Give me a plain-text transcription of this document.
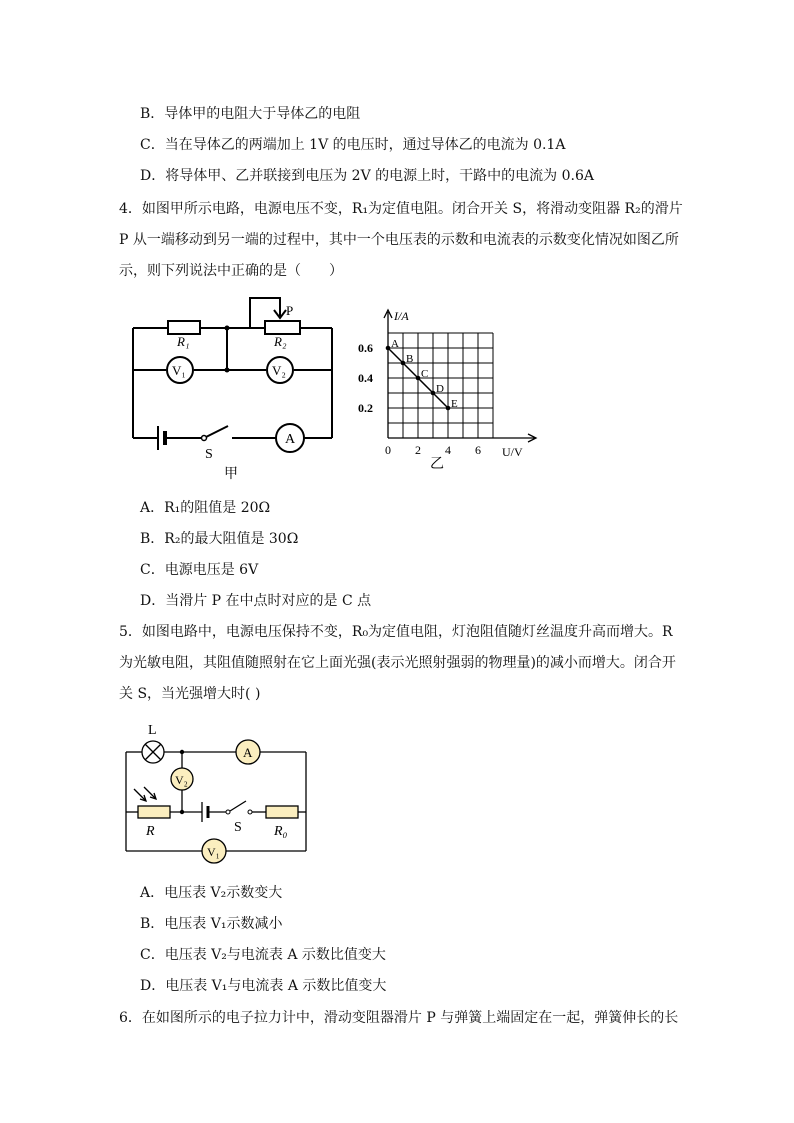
B．导体甲的电阻大于导体乙的电阻
C．当在导体乙的两端加上 1V 的电压时，通过导体乙的电流为 0.1A
D．将导体甲、乙并联接到电压为 2V 的电源上时，干路中的电流为 0.6A
4．如图甲所示电路，电源电压不变，R₁为定值电阻。闭合开关 S，将滑动变阻器 R₂的滑片
P 从一端移动到另一端的过程中，其中一个电压表的示数和电流表的示数变化情况如图乙所
示，则下列说法中正确的是（　　）
P
R₁	R₂
V₁	V₂
A
S
甲
A
B
C
D
E
I/A
U/V
0.6
0.4
0.2
0 2 4 6
乙
A．R₁的阻值是 20Ω
B．R₂的最大阻值是 30Ω
C．电源电压是 6V
D．当滑片 P 在中点时对应的是 C 点
5．如图电路中，电源电压保持不变，R₀为定值电阻，灯泡阻值随灯丝温度升高而增大。R
为光敏电阻，其阻值随照射在它上面光强(表示光照射强弱的物理量)的减小而增大。闭合开
关 S，当光强增大时( )
L
A
V₂
V₁
R	S R₀
A．电压表 V₂示数变大
B．电压表 V₁示数减小
C．电压表 V₂与电流表 A 示数比值变大
D．电压表 V₁与电流表 A 示数比值变大
6．在如图所示的电子拉力计中，滑动变阻器滑片 P 与弹簧上端固定在一起，弹簧伸长的长
